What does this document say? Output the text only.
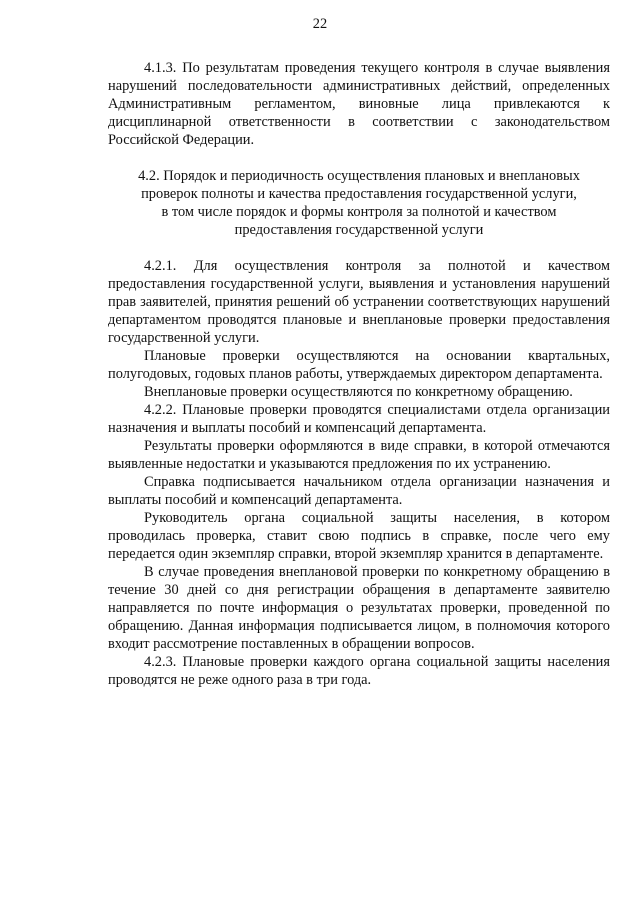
22

4.1.3. По результатам проведения текущего контроля в случае выявления нарушений последовательности административных действий, определенных Административным регламентом, виновные лица привлекаются к дисциплинарной ответственности в соответствии с законодательством Российской Федерации.

4.2. Порядок и периодичность осуществления плановых и внеплановых
проверок полноты и качества предоставления государственной услуги,
в том числе порядок и формы контроля за полнотой и качеством
предоставления государственной услуги

4.2.1. Для осуществления контроля за полнотой и качеством предоставления государственной услуги, выявления и установления нарушений прав заявителей, принятия решений об устранении соответствующих нарушений департаментом проводятся плановые и внеплановые проверки предоставления государственной услуги.

Плановые проверки осуществляются на основании квартальных, полугодовых, годовых планов работы, утверждаемых директором департамента.

Внеплановые проверки осуществляются по конкретному обращению.

4.2.2. Плановые проверки проводятся специалистами отдела организации назначения и выплаты пособий и компенсаций департамента.

Результаты проверки оформляются в виде справки, в которой отмечаются выявленные недостатки и указываются предложения по их устранению.

Справка подписывается начальником отдела организации назначения и выплаты пособий и компенсаций департамента.

Руководитель органа социальной защиты населения, в котором проводилась проверка, ставит свою подпись в справке, после чего ему передается один экземпляр справки, второй экземпляр хранится в департаменте.

В случае проведения внеплановой проверки по конкретному обращению в течение 30 дней со дня регистрации обращения в департаменте заявителю направляется по почте информация о результатах проверки, проведенной по обращению. Данная информация подписывается лицом, в полномочия которого входит рассмотрение поставленных в обращении вопросов.

4.2.3. Плановые проверки каждого органа социальной защиты населения проводятся не реже одного раза в три года.
